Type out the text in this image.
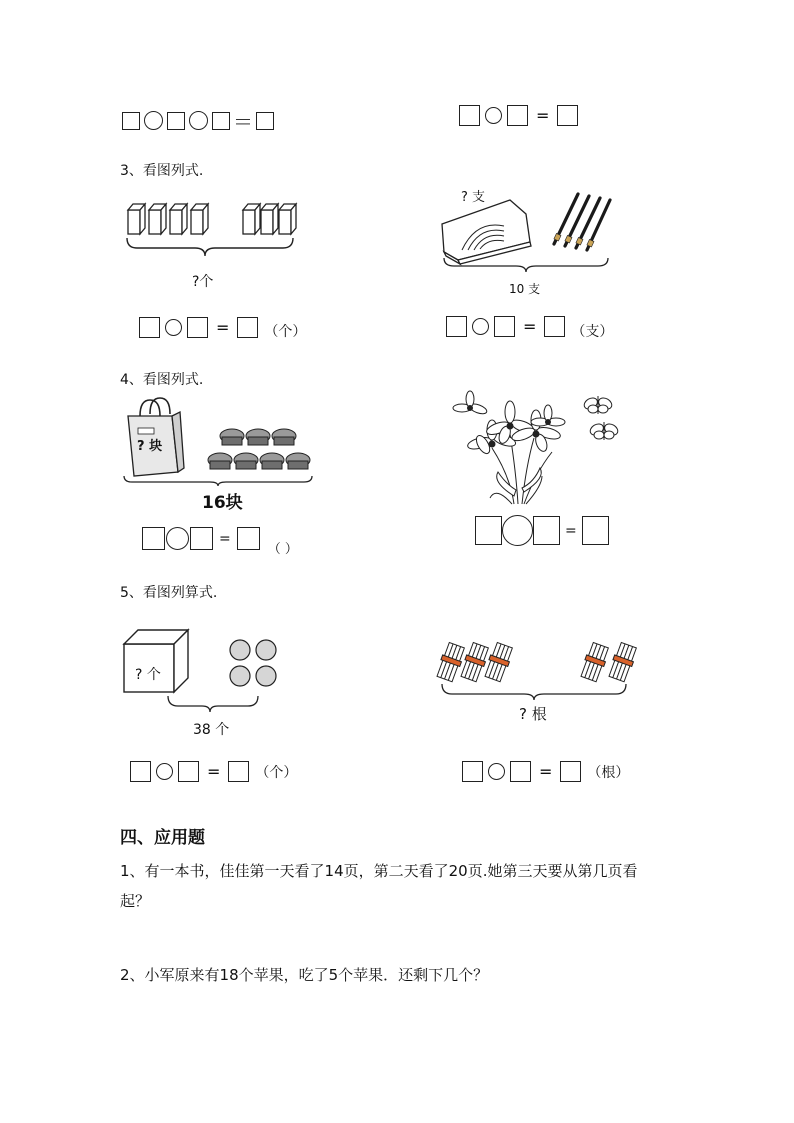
＝	=
3、看图列式.
?个
=	（个）
? 支
10 支
=	（支）
4、看图列式.
? 块
16块
=
（ ）
=
5、看图列算式.
? 个
38 个
=	（个）
? 根
=	（根）
四、应用题
1、有一本书，佳佳第一天看了14页，第二天看了20页.她第三天要从第几页看
起？
2、小军原来有18个苹果，吃了5个苹果．还剩下几个？
